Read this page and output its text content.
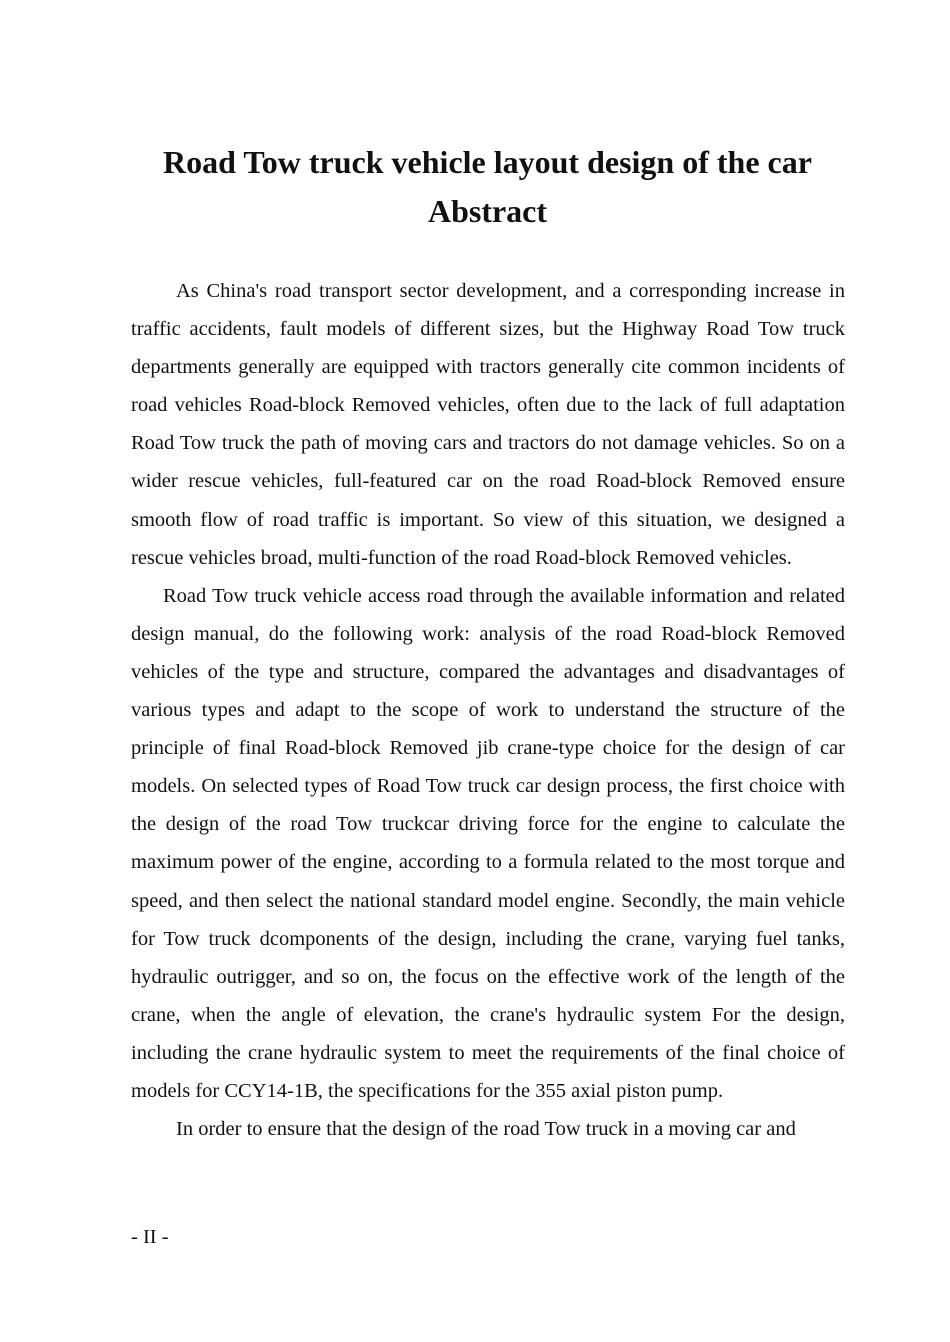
Road Tow truck vehicle layout design of the car
Abstract

As China's road transport sector development, and a corresponding increase in traffic accidents, fault models of different sizes, but the Highway Road Tow truck departments generally are equipped with tractors generally cite common incidents of road vehicles Road-block Removed vehicles, often due to the lack of full adaptation Road Tow truck the path of moving cars and tractors do not damage vehicles. So on a wider rescue vehicles, full-featured car on the road Road-block Removed ensure smooth flow of road traffic is important. So view of this situation, we designed a rescue vehicles broad, multi-function of the road Road-block Removed vehicles.

Road Tow truck vehicle access road through the available information and related design manual, do the following work: analysis of the road Road-block Removed vehicles of the type and structure, compared the advantages and disadvantages of various types and adapt to the scope of work to understand the structure of the principle of final Road-block Removed jib crane-type choice for the design of car models. On selected types of Road Tow truck car design process, the first choice with the design of the road Tow truckcar driving force for the engine to calculate the maximum power of the engine, according to a formula related to the most torque and speed, and then select the national standard model engine. Secondly, the main vehicle for Tow truck dcomponents of the design, including the crane, varying fuel tanks, hydraulic outrigger, and so on, the focus on the effective work of the length of the crane, when the angle of elevation, the crane's hydraulic system For the design, including the crane hydraulic system to meet the requirements of the final choice of models for CCY14-1B, the specifications for the 355 axial piston pump.

In order to ensure that the design of the road Tow truck in a moving car and

- II -
